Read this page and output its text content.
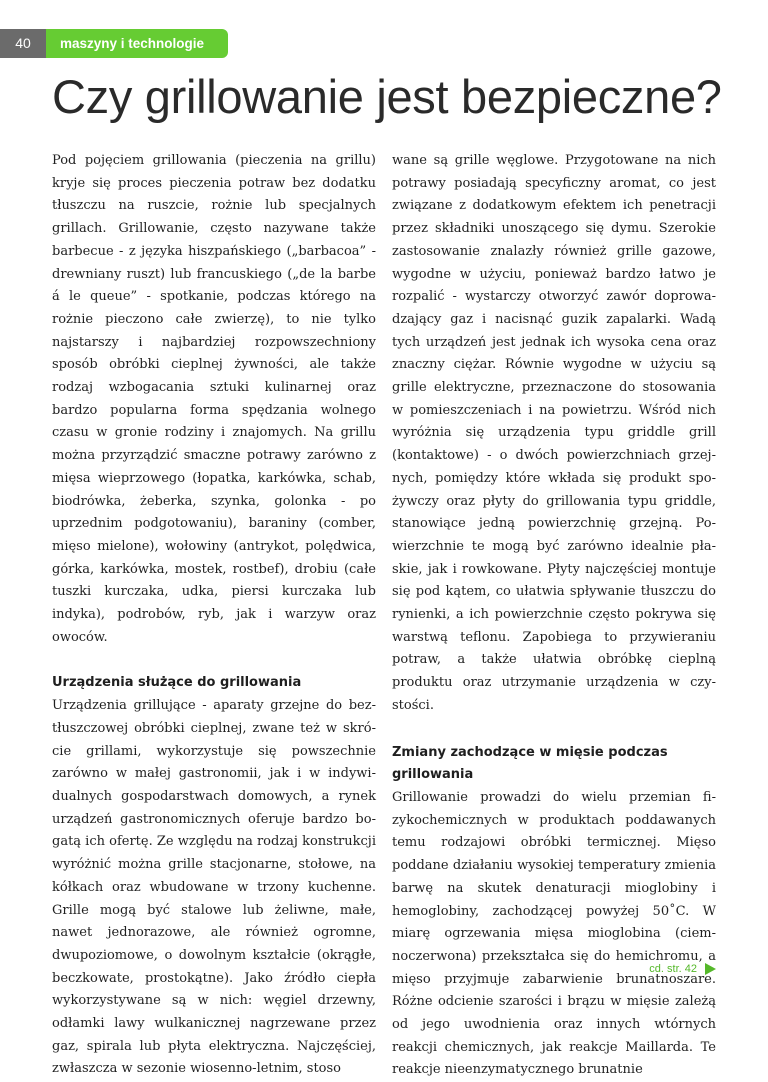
40	maszyny i technologie
Czy grillowanie jest bezpieczne?

Pod pojęciem grillowania (pieczenia na grillu) kryje się proces pieczenia potraw bez dodatku tłuszczu na ruszcie, rożnie lub specjalnych grillach. Grillowanie, często nazywane także barbecue - z języka hiszpańskiego („barbacoa” - drewniany ruszt) lub francuskiego („de la barbe á le queue” - spotkanie, podczas którego na rożnie pieczono całe zwierzę), to nie tylko najstarszy i najbardziej rozpowszechniony sposób obróbki cieplnej żywności, ale także rodzaj wzbogacania sztuki kulinarnej oraz bardzo popularna forma spędzania wolnego czasu w gronie rodziny i znajomych. Na grillu można przyrządzić smaczne potrawy zarówno z mięsa wieprzowego (łopatka, karkówka, schab, biodrówka, żeberka, szynka, golonka - po uprzednim podgotowaniu), baraniny (comber, mięso mielone), wołowiny (antrykot, polędwica, górka, karkówka, mostek, rostbef), drobiu (całe tuszki kurczaka, udka, piersi kurczaka lub indyka), podrobów, ryb, jak i warzyw oraz owoców.

Urządzenia służące do grillowania

Urządzenia grillujące - aparaty grzejne do beztłuszczowej obróbki cieplnej, zwane też w skrócie grillami, wykorzystuje się powszechnie zarówno w małej gastronomii, jak i w indywidualnych gospodarstwach domowych, a rynek urządzeń gastronomicznych oferuje bardzo bogatą ich ofertę. Ze względu na rodzaj konstrukcji wyróżnić można grille stacjonarne, stołowe, na kółkach oraz wbudowane w trzony kuchenne. Grille mogą być stalowe lub żeliwne, małe, nawet jednorazowe, ale również ogromne, dwupoziomowe, o dowolnym kształcie (okrągłe, beczkowate, prostokątne). Jako źródło ciepła wykorzystywane są w nich: węgiel drzewny, odłamki lawy wulkanicznej nagrzewane przez gaz, spirala lub płyta elektryczna. Najczęściej, zwłaszcza w sezonie wiosenno-letnim, stoso

wane są grille węglowe. Przygotowane na nich potrawy posiadają specyficzny aromat, co jest związane z dodatkowym efektem ich penetracji przez składniki unoszącego się dymu. Szerokie zastosowanie znalazły również grille gazowe, wygodne w użyciu, ponieważ bardzo łatwo je rozpalić - wystarczy otworzyć zawór doprowadzający gaz i nacisnąć guzik zapalarki. Wadą tych urządzeń jest jednak ich wysoka cena oraz znaczny ciężar. Równie wygodne w użyciu są grille elektryczne, przeznaczone do stosowania w pomieszczeniach i na powietrzu. Wśród nich wyróżnia się urządzenia typu griddle grill (kontaktowe) - o dwóch powierzchniach grzejnych, pomiędzy które wkłada się produkt spożywczy oraz płyty do grillowania typu griddle, stanowiące jedną powierzchnię grzejną. Powierzchnie te mogą być zarówno idealnie płaskie, jak i rowkowane. Płyty najczęściej montuje się pod kątem, co ułatwia spływanie tłuszczu do rynienki, a ich powierzchnie często pokrywa się warstwą teflonu. Zapobiega to przywieraniu potraw, a także ułatwia obróbkę cieplną produktu oraz utrzymanie urządzenia w czystości.

Zmiany zachodzące w mięsie podczas grillowania

Grillowanie prowadzi do wielu przemian fizykochemicznych w produktach poddawanych temu rodzajowi obróbki termicznej. Mięso poddane działaniu wysokiej temperatury zmienia barwę na skutek denaturacji mioglobiny i hemoglobiny, zachodzącej powyżej 50˚C. W miarę ogrzewania mięsa mioglobina (ciemnoczerwona) przekształca się do hemichromu, a mięso przyjmuje zabarwienie brunatnoszare. Różne odcienie szarości i brązu w mięsie zależą od jego uwodnienia oraz innych wtórnych reakcji chemicznych, jak reakcje Maillarda. Te reakcje nieenzymatycznego brunatnie

cd. str. 42
